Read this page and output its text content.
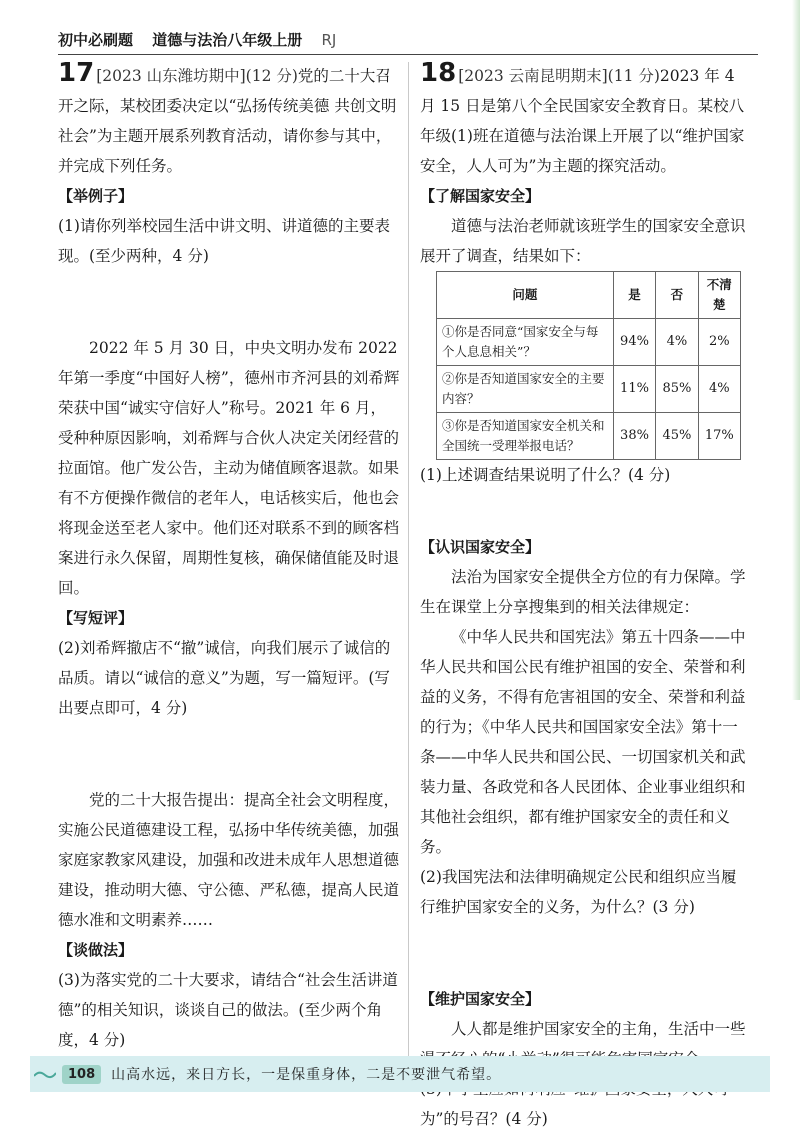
初中必刷题 道德与法治八年级上册 RJ

17 [2023 山东潍坊期中](12 分)党的二十大召开之际，某校团委决定以“弘扬传统美德 共创文明社会”为主题开展系列教育活动，请你参与其中，并完成下列任务。

【 举例子 】

(1)请你列举校园生活中讲文明、讲道德的主要表现。(至少两种，4 分)

2022 年 5 月 30 日，中央文明办发布 2022 年第一季度“中国好人榜”，德州市齐河县的刘希辉荣获中国“诚实守信好人”称号。2021 年 6 月，受种种原因影响，刘希辉与合伙人决定关闭经营的拉面馆。他广发公告，主动为储值顾客退款。如果有不方便操作微信的老年人，电话核实后，他也会将现金送至老人家中。他们还对联系不到的顾客档案进行永久保留，周期性复核，确保储值能及时退回。

【 写短评 】

(2)刘希辉撤店不“撤”诚信，向我们展示了诚信的品质。请以“诚信的意义”为题，写一篇短评。(写出要点即可，4 分)

党的二十大报告提出：提高全社会文明程度，实施公民道德建设工程，弘扬中华传统美德，加强家庭家教家风建设，加强和改进未成年人思想道德建设，推动明大德、守公德、严私德，提高人民道德水准和文明素养……

【 谈做法 】

(3)为落实党的二十大要求，请结合“社会生活讲道德”的相关知识，谈谈自己的做法。(至少两个角度，4 分)

18 [2023 云南昆明期末](11 分)2023 年 4 月 15 日是第八个全民国家安全教育日。某校八年级(1)班在道德与法治课上开展了以“维护国家安全，人人可为”为主题的探究活动。

【 了解国家安全 】

道德与法治老师就该班学生的国家安全意识展开了调查，结果如下：

问题	是	否	不清楚
①你是否同意“国家安全与每个人息息相关”？	94%	4%	2%
②你是否知道国家安全的主要内容？	11%	85%	4%
③你是否知道国家安全机关和全国统一受理举报电话？	38%	45%	17%

(1)上述调查结果说明了什么？(4 分)

【 认识国家安全 】

法治为国家安全提供全方位的有力保障。学生在课堂上分享搜集到的相关法律规定：

《中华人民共和国宪法》第五十四条——中华人民共和国公民有维护祖国的安全、荣誉和利益的义务，不得有危害祖国的安全、荣誉和利益的行为；《中华人民共和国国家安全法》第十一条——中华人民共和国公民、一切国家机关和武装力量、各政党和各人民团体、企业事业组织和其他社会组织，都有维护国家安全的责任和义务。

(2)我国宪法和法律明确规定公民和组织应当履行维护国家安全的义务，为什么？(3 分)

【 维护国家安全 】

人人都是维护国家安全的主角，生活中一些

为”的号召？(4 分)

108	山高水远，来日方长，一是保重身体，二是不要泄气希望。
